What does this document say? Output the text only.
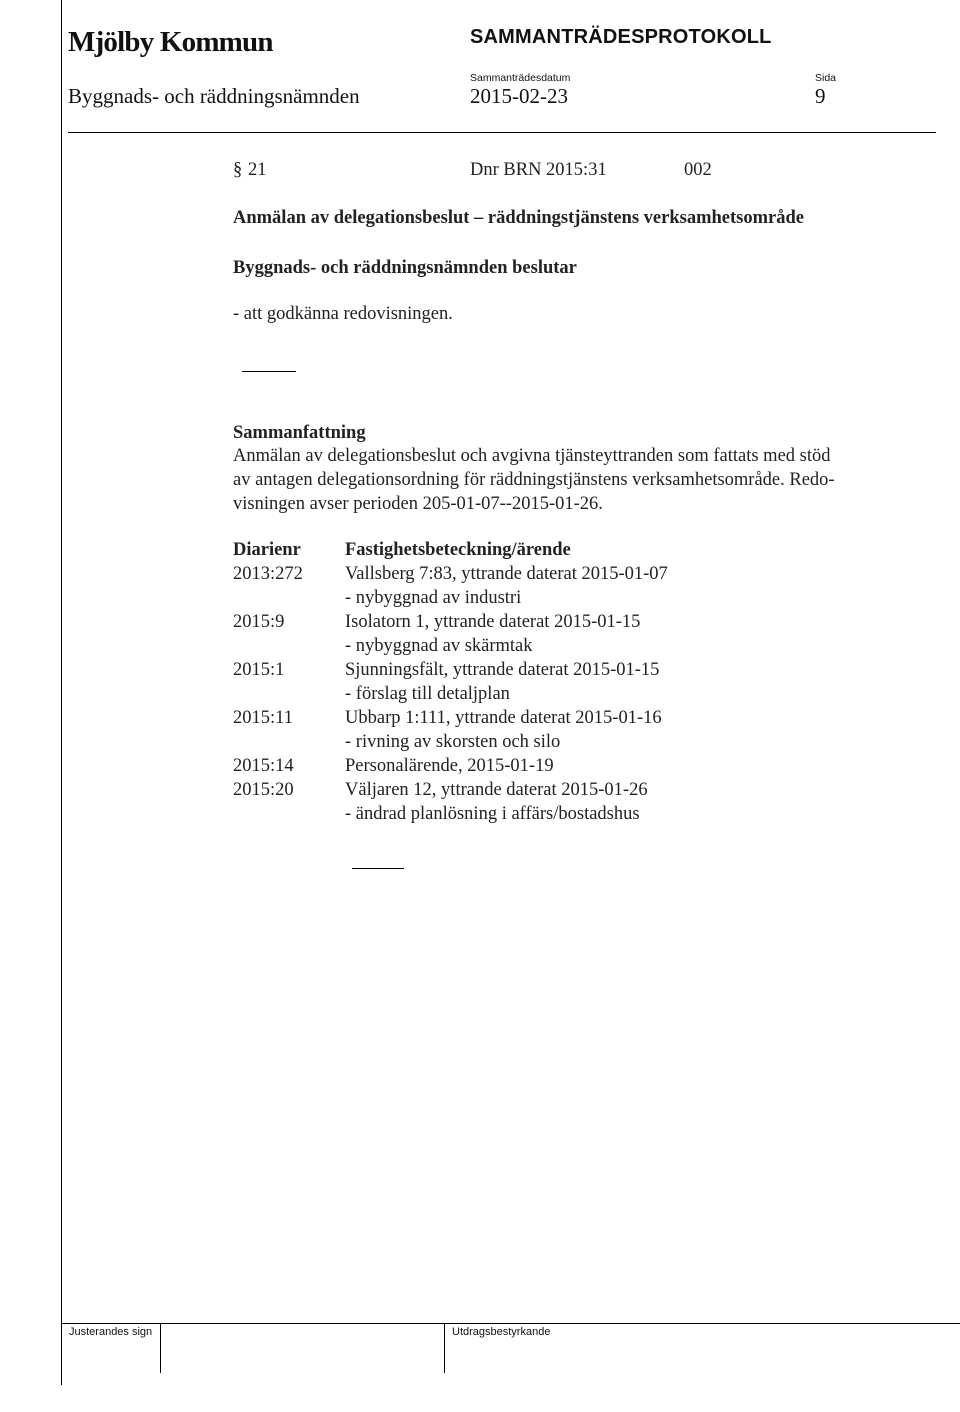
Mjölby Kommun	SAMMANTRÄDESPROTOKOLL
Sammanträdesdatum	Sida
Byggnads- och räddningsnämnden	2015-02-23	9
§ 21	Dnr BRN 2015:31	002
Anmälan av delegationsbeslut – räddningstjänstens verksamhetsområde
Byggnads- och räddningsnämnden beslutar
- att godkänna redovisningen.
Sammanfattning
Anmälan av delegationsbeslut och avgivna tjänsteyttranden som fattats med stöd
av antagen delegationsordning för räddningstjänstens verksamhetsområde. Redo-
visningen avser perioden 205-01-07--2015-01-26.
Diarienr Fastighetsbeteckning/ärende
2013:272 Vallsberg 7:83, yttrande daterat 2015-01-07
- nybyggnad av industri
2015:9	Isolatorn 1, yttrande daterat 2015-01-15
- nybyggnad av skärmtak
2015:1	Sjunningsfält, yttrande daterat 2015-01-15
- förslag till detaljplan
2015:11	Ubbarp 1:111, yttrande daterat 2015-01-16
- rivning av skorsten och silo
2015:14	Personalärende, 2015-01-19
2015:20	Väljaren 12, yttrande daterat 2015-01-26
- ändrad planlösning i affärs/bostadshus
Justerandes sign	Utdragsbestyrkande
